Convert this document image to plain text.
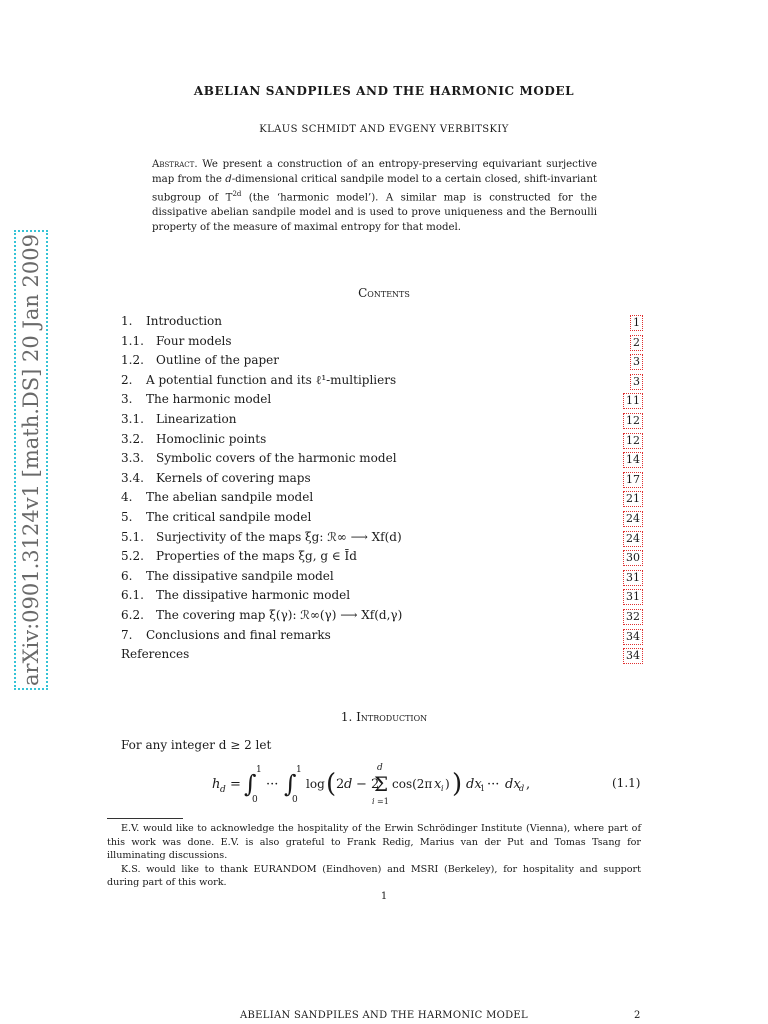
ABELIAN SANDPILES AND THE HARMONIC MODEL
KLAUS SCHMIDT AND EVGENY VERBITSKIY
Abstract. We present a construction of an entropy-preserving equivariant surjective map from the d-dimensional critical sandpile model to a certain closed, shift-invariant subgroup of $T^{2d}$ (the ‘harmonic model’). A similar map is constructed for the dissipative abelian sandpile model and is used to prove uniqueness and the Bernoulli property of the measure of maximal entropy for that model.
arXiv:0901.3124v1 [math.DS] 20 Jan 2009	Contents
1. Introduction	1
1.1. Four models	2
1.2. Outline of the paper	3
2. A potential function and its ℓ¹-multipliers	3
3. The harmonic model	11
3.1. Linearization	12
3.2. Homoclinic points	12
3.3. Symbolic covers of the harmonic model	14
3.4. Kernels of covering maps	17
4. The abelian sandpile model	21
5. The critical sandpile model	24
5.1. Surjectivity of the maps ξg: ℛ∞ ⟶ Xf(d)	24
5.2. Properties of the maps ξg, g ∈ Īd	30
6. The dissipative sandpile model	31
6.1. The dissipative harmonic model	31
6.2. The covering map ξ(γ): ℛ∞(γ) ⟶ Xf(d,γ)	32
7. Conclusions and final remarks	34
References	34
1. Introduction
For any integer d ≥ 2 let
h d = ∫ 1
0
··· ∫ 1
0
log ( 2 d − 2
Σ
d
i =1
cos(2π x i ) ) dx
1 ··· dx
d ,	(1.1)

E.V. would like to acknowledge the hospitality of the Erwin Schrödinger Institute (Vienna), where part of this work was done. E.V. is also grateful to Frank Redig, Marius van der Put and Tomas Tsang for illuminating discussions.

K.S. would like to thank EURANDOM (Eindhoven) and MSRI (Berkeley), for hospitality and support during part of this work.

1
ABELIAN SANDPILES AND THE HARMONIC MODEL	2
